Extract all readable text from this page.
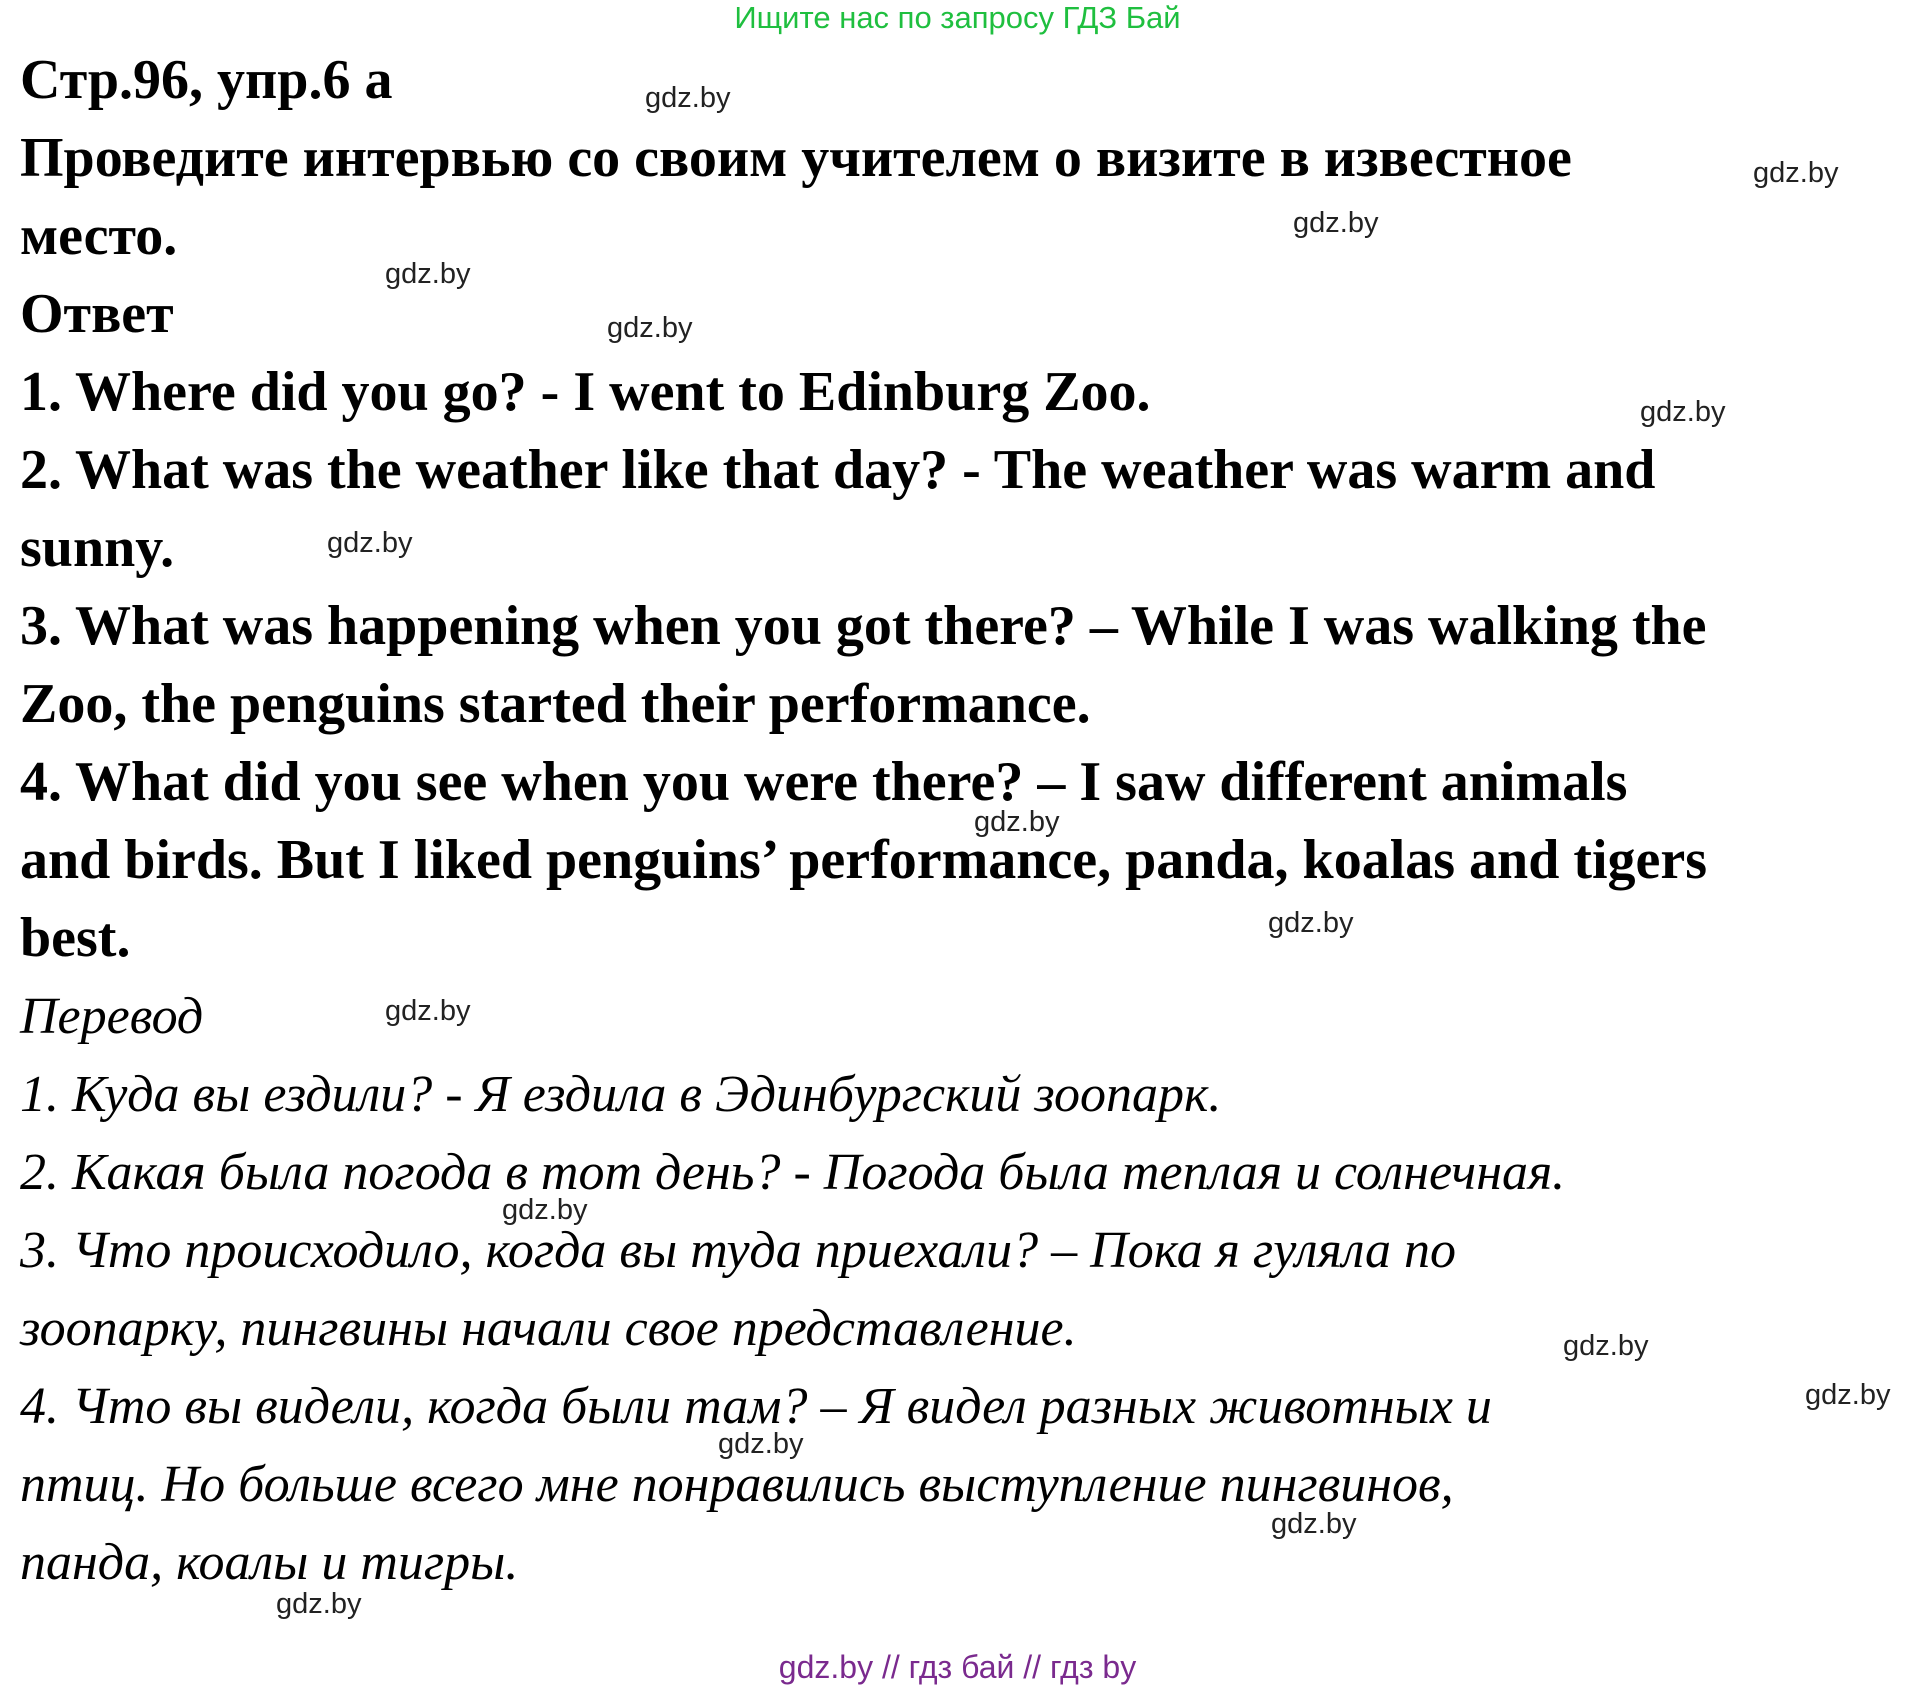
Ищите нас по запросу ГДЗ Бай
Стр.96, упр.6 а
Проведите интервью со своим учителем о визите в известное
место.
Ответ
1. Where did you go? - I went to Edinburg Zoo.
2. What was the weather like that day? - The weather was warm and
sunny.
3. What was happening when you got there? – While I was walking the
Zoo, the penguins started their performance.
4. What did you see when you were there? – I saw different animals
and birds. But I liked penguins’ performance, panda, koalas and tigers
best.
Перевод
1. Куда вы ездили? - Я ездила в Эдинбургский зоопарк.
2. Какая была погода в тот день? - Погода была теплая и солнечная.
3. Что происходило, когда вы туда приехали? – Пока я гуляла по
зоопарку, пингвины начали свое представление.
4. Что вы видели, когда были там? – Я видел разных животных и
птиц. Но больше всего мне понравились выступление пингвинов,
панда, коалы и тигры.
gdz.by
gdz.by
gdz.by
gdz.by
gdz.by
gdz.by
gdz.by
gdz.by
gdz.by
gdz.by
gdz.by
gdz.by
gdz.by
gdz.by
gdz.by
gdz.by
gdz.by // гдз бай // гдз by
